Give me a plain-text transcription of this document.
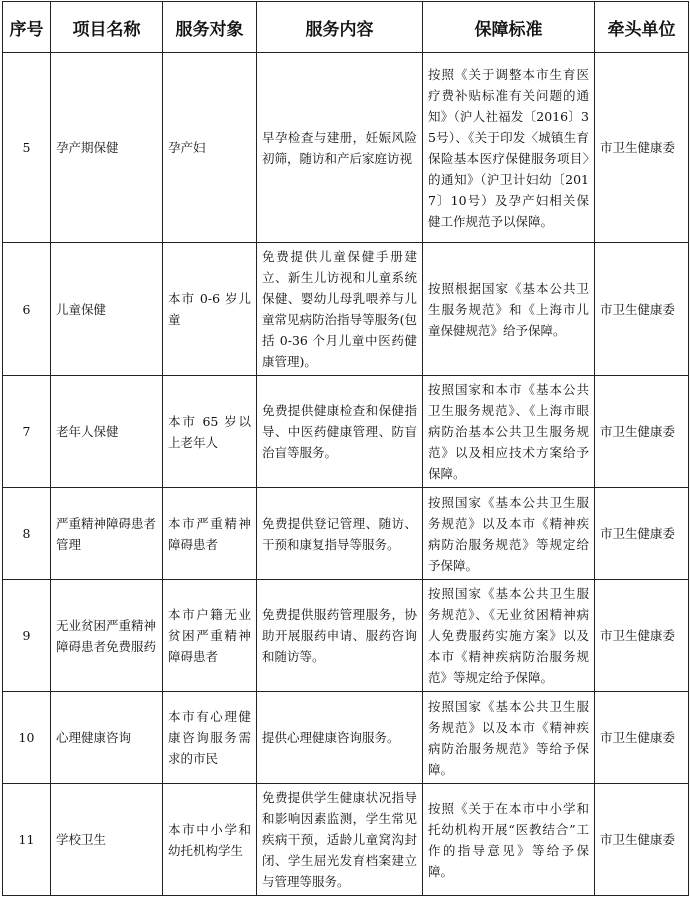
序号	项目名称	服务对象	服务内容	保障标准	牵头单位
5	孕产期保健	孕产妇	早孕检查与建册，妊娠风险初筛，随访和产后家庭访视	按照《关于调整本市生育医疗费补贴标准有关问题的通知》（沪人社福发〔2016〕35号）、《关于印发〈城镇生育保险基本医疗保健服务项目〉的通知》（沪卫计妇幼〔2017〕10号）及孕产妇相关保健工作规范予以保障。	市卫生健康委
6	儿童保健	本市 0-6 岁儿童	免费提供儿童保健手册建立、新生儿访视和儿童系统保健、婴幼儿母乳喂养与儿童常见病防治指导等服务(包括 0-36 个月儿童中医药健康管理)。	按照根据国家《基本公共卫生服务规范》和《上海市儿童保健规范》给予保障。	市卫生健康委
7	老年人保健	本市 65 岁以上老年人	免费提供健康检查和保健指导、中医药健康管理、防盲治盲等服务。	按照国家和本市《基本公共卫生服务规范》、《上海市眼病防治基本公共卫生服务规范》以及相应技术方案给予保障。	市卫生健康委
8	严重精神障碍患者管理	本市严重精神障碍患者	免费提供登记管理、随访、干预和康复指导等服务。	按照国家《基本公共卫生服务规范》以及本市《精神疾病防治服务规范》等规定给予保障。	市卫生健康委
9	无业贫困严重精神障碍患者免费服药	本市户籍无业贫困严重精神障碍患者	免费提供服药管理服务，协助开展服药申请、服药咨询和随访等。	按照国家《基本公共卫生服务规范》、《无业贫困精神病人免费服药实施方案》以及本市《精神疾病防治服务规范》等规定给予保障。	市卫生健康委
10	心理健康咨询	本市有心理健康咨询服务需求的市民	提供心理健康咨询服务。	按照国家《基本公共卫生服务规范》以及本市《精神疾病防治服务规范》等给予保障。	市卫生健康委
11	学校卫生	本市中小学和幼托机构学生	免费提供学生健康状况指导和影响因素监测，学生常见疾病干预，适龄儿童窝沟封闭、学生屈光发育档案建立与管理等服务。	按照《关于在本市中小学和托幼机构开展“医教结合”工作的指导意见》等给予保障。	市卫生健康委
